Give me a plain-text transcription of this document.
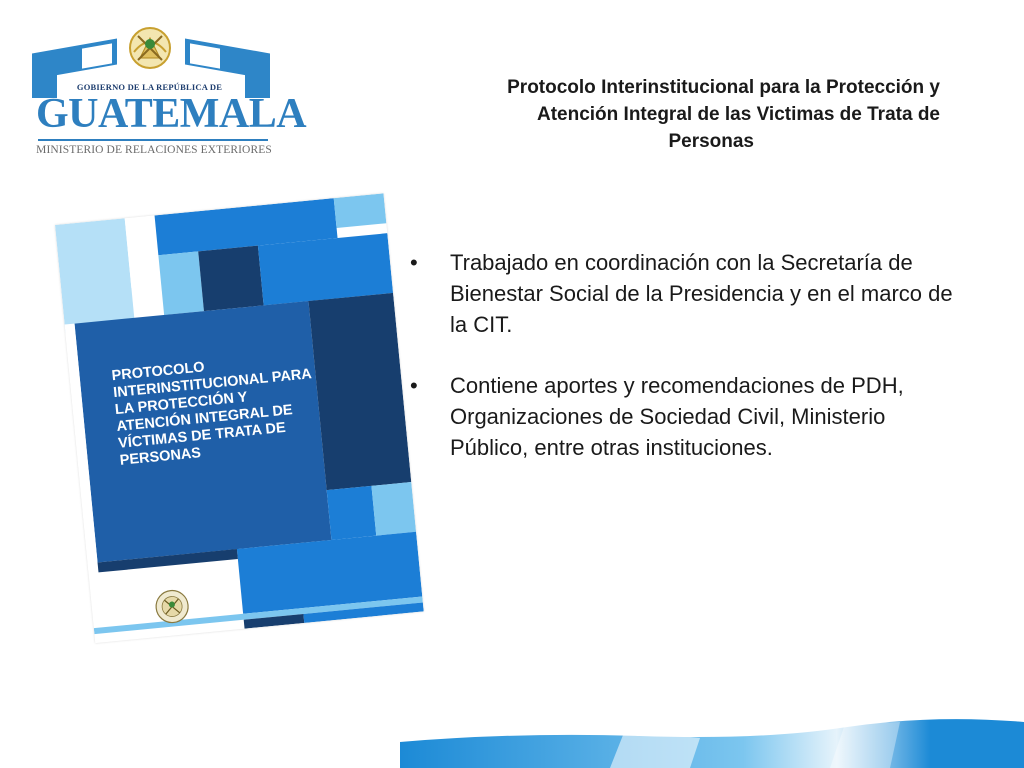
GOBIERNO DE LA REPÚBLICA DE
GUATEMALA
MINISTERIO DE RELACIONES EXTERIORES
Protocolo Interinstitucional para la Protección y
Atención Integral de las Victimas de Trata de
Personas
• Trabajado en coordinación con la Secretaría de Bienestar Social de la Presidencia y en el marco de la CIT.
• Contiene aportes y recomendaciones de PDH, Organizaciones de Sociedad Civil, Ministerio Público, entre otras instituciones.
PROTOCOLO INTERINSTITUCIONAL PARA LA PROTECCIÓN Y ATENCIÓN INTEGRAL DE VÍCTIMAS DE TRATA DE PERSONAS
